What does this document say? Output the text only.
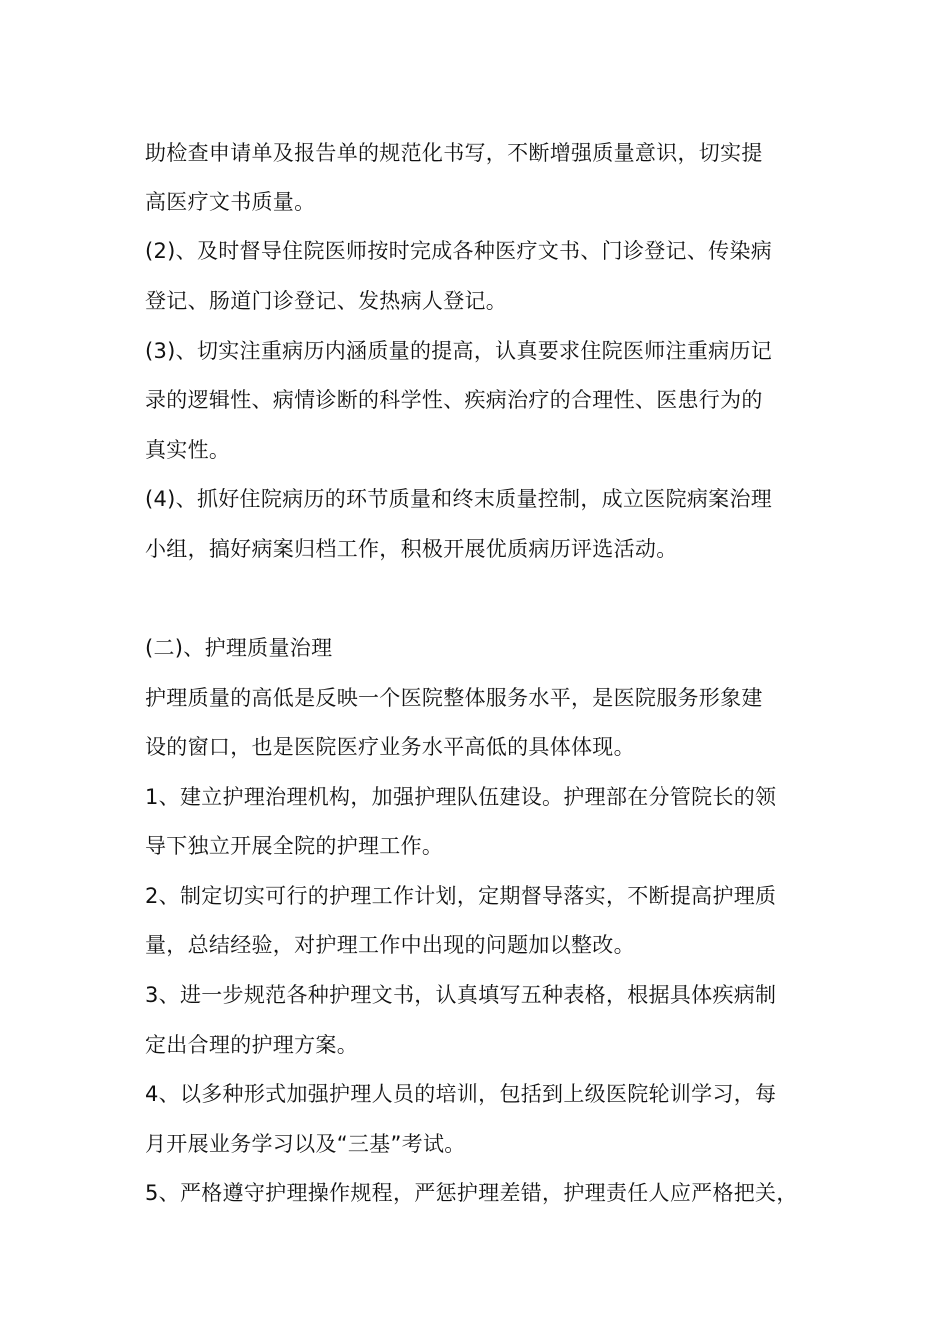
助检查申请单及报告单的规范化书写，不断增强质量意识，切实提
高医疗文书质量。
(2)、及时督导住院医师按时完成各种医疗文书、门诊登记、传染病
登记、肠道门诊登记、发热病人登记。
(3)、切实注重病历内涵质量的提高，认真要求住院医师注重病历记
录的逻辑性、病情诊断的科学性、疾病治疗的合理性、医患行为的
真实性。
(4)、抓好住院病历的环节质量和终末质量控制，成立医院病案治理
小组，搞好病案归档工作，积极开展优质病历评选活动。
(二)、护理质量治理
护理质量的高低是反映一个医院整体服务水平，是医院服务形象建
设的窗口，也是医院医疗业务水平高低的具体体现。
1、建立护理治理机构，加强护理队伍建设。护理部在分管院长的领
导下独立开展全院的护理工作。
2、制定切实可行的护理工作计划，定期督导落实，不断提高护理质
量，总结经验，对护理工作中出现的问题加以整改。
3、进一步规范各种护理文书，认真填写五种表格，根据具体疾病制
定出合理的护理方案。
4、以多种形式加强护理人员的培训，包括到上级医院轮训学习，每
月开展业务学习以及“三基”考试。
5、严格遵守护理操作规程，严惩护理差错，护理责任人应严格把关，
